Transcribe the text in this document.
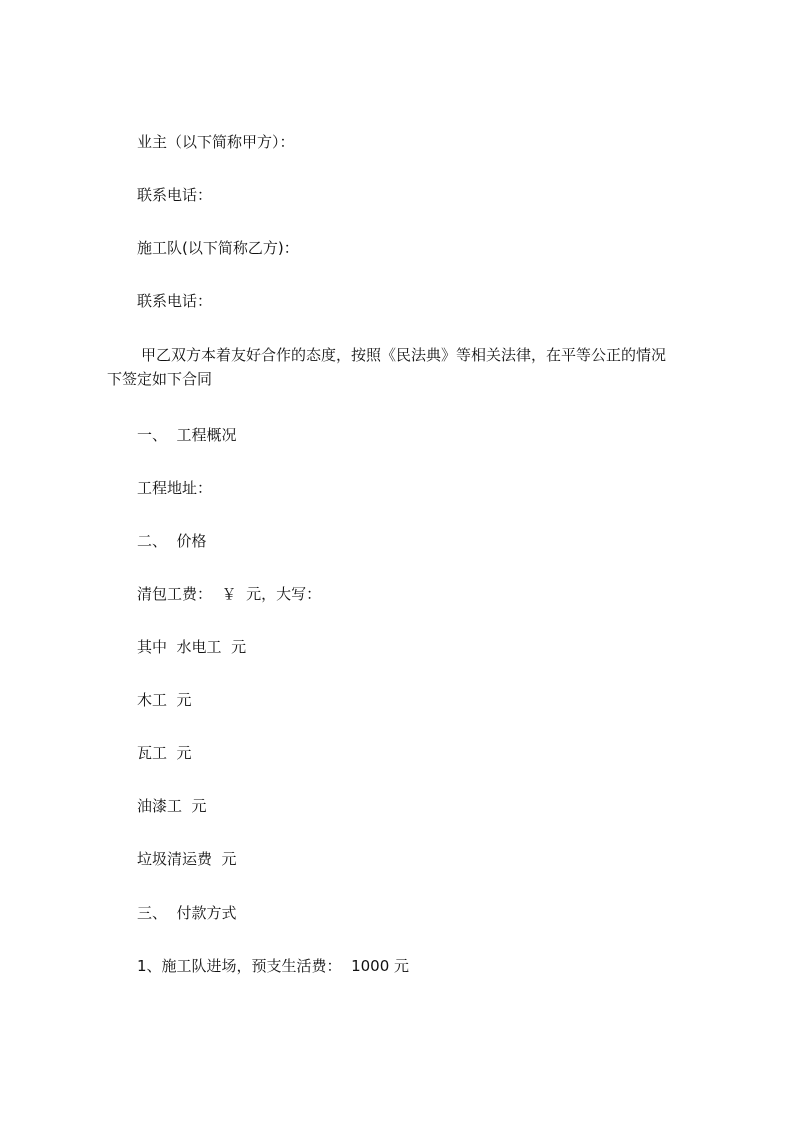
业主（以下简称甲方）：
联系电话：
施工队(以下简称乙方)：
联系电话：
甲乙双方本着友好合作的态度，按照《民法典》等相关法律，在平等公正的情况
下签定如下合同
一、  工程概况
工程地址：
二、  价格
清包工费：  ￥  元，大写：
其中  水电工  元
木工  元
瓦工  元
油漆工  元
垃圾清运费  元
三、  付款方式
1、施工队进场，预支生活费：  1000 元
